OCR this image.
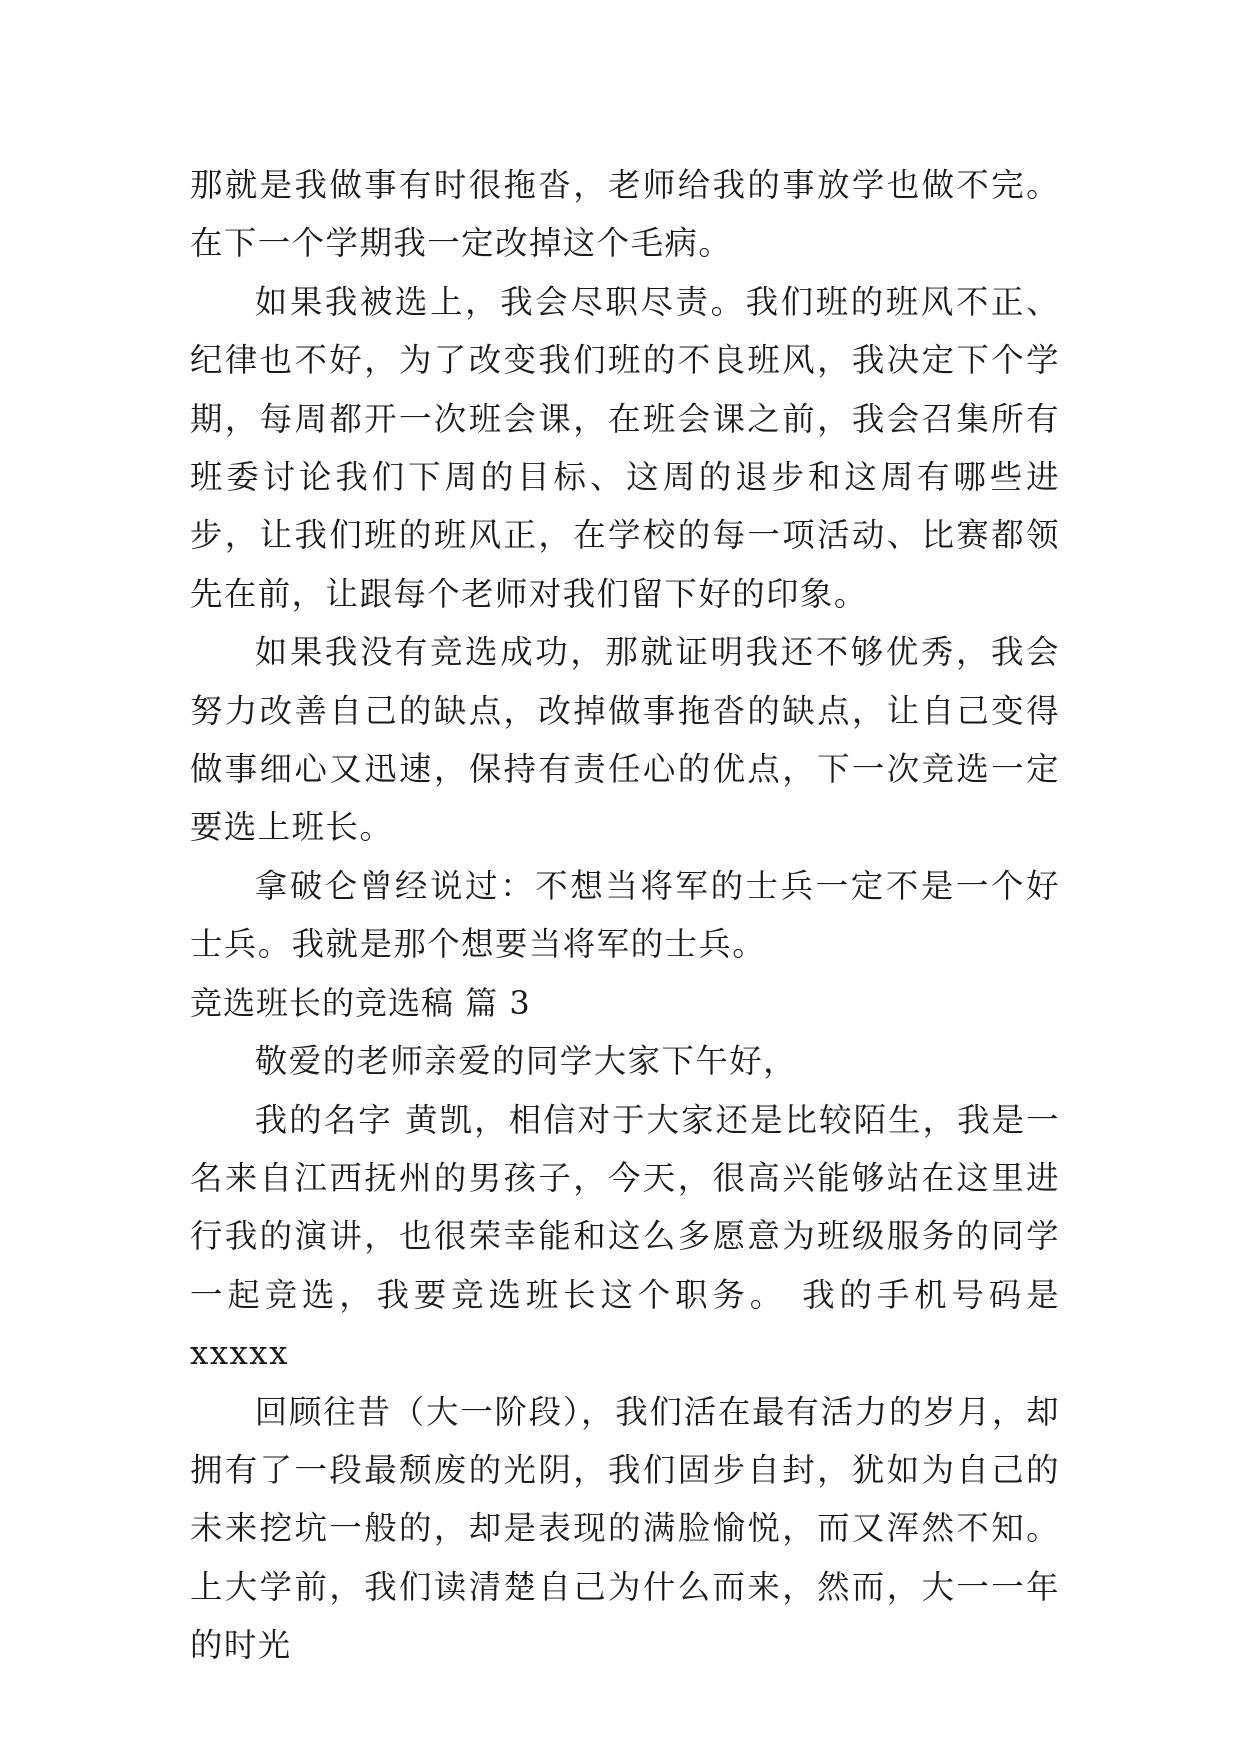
那就是我做事有时很拖沓，老师给我的事放学也做不完。在下一个学期我一定改掉这个毛病。

如果我被选上，我会尽职尽责。我们班的班风不正、纪律也不好，为了改变我们班的不良班风，我决定下个学期，每周都开一次班会课，在班会课之前，我会召集所有班委讨论我们下周的目标、这周的退步和这周有哪些进步，让我们班的班风正，在学校的每一项活动、比赛都领先在前，让跟每个老师对我们留下好的印象。

如果我没有竞选成功，那就证明我还不够优秀，我会努力改善自己的缺点，改掉做事拖沓的缺点，让自己变得做事细心又迅速，保持有责任心的优点，下一次竞选一定要选上班长。

拿破仑曾经说过：不想当将军的士兵一定不是一个好士兵。我就是那个想要当将军的士兵。

竞选班长的竞选稿 篇 3

敬爱的老师亲爱的同学大家下午好，

我的名字 黄凯，相信对于大家还是比较陌生，我是一名来自江西抚州的男孩子，今天，很高兴能够站在这里进行我的演讲，也很荣幸能和这么多愿意为班级服务的同学一起竞选，我要竞选班长这个职务。 我的手机号码是 xxxxx

回顾往昔（大一阶段），我们活在最有活力的岁月，却拥有了一段最颓废的光阴，我们固步自封，犹如为自己的未来挖坑一般的，却是表现的满脸愉悦，而又浑然不知。上大学前，我们读清楚自己为什么而来，然而，大一一年的时光
